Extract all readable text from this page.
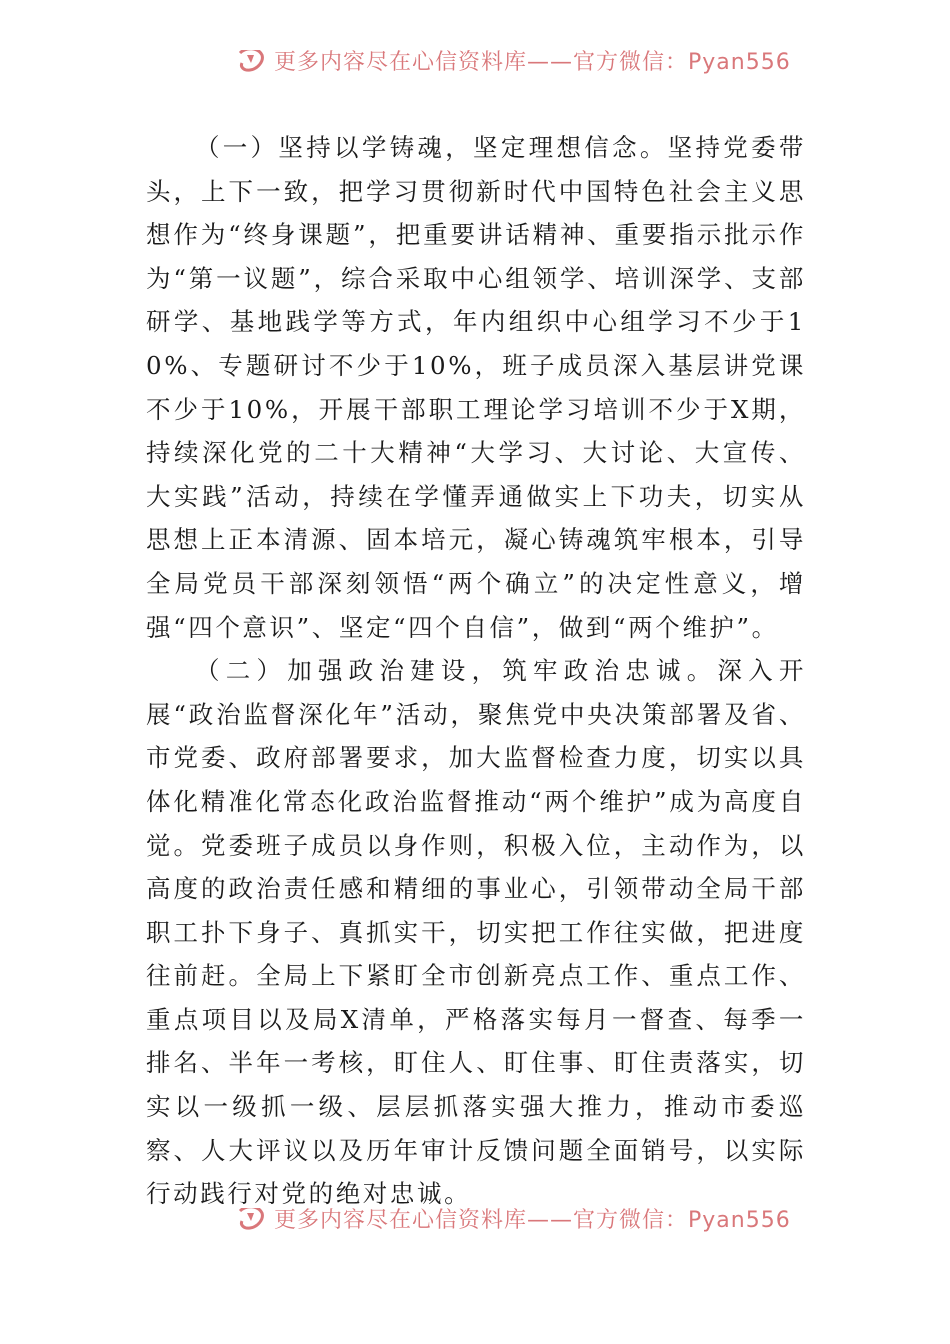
更多内容尽在心信资料库——官方微信：Pyan556

（一）坚持以学铸魂，坚定理想信念。坚持党委带头，上下一致，把学习贯彻新时代中国特色社会主义思想作为“终身课题”，把重要讲话精神、重要指示批示作为“第一议题”，综合采取中心组领学、培训深学、支部研学、基地践学等方式，年内组织中心组学习不少于10%、专题研讨不少于10%，班子成员深入基层讲党课不少于10%，开展干部职工理论学习培训不少于X期，持续深化党的二十大精神“大学习、大讨论、大宣传、大实践”活动，持续在学懂弄通做实上下功夫，切实从思想上正本清源、固本培元，凝心铸魂筑牢根本，引导全局党员干部深刻领悟“两个确立”的决定性意义，增强“四个意识”、坚定“四个自信”，做到“两个维护”。

（二）加强政治建设，筑牢政治忠诚。深入开展“政治监督深化年”活动，聚焦党中央决策部署及省、市党委、政府部署要求，加大监督检查力度，切实以具体化精准化常态化政治监督推动“两个维护”成为高度自觉。党委班子成员以身作则，积极入位，主动作为，以高度的政治责任感和精细的事业心，引领带动全局干部职工扑下身子、真抓实干，切实把工作往实做，把进度往前赶。全局上下紧盯全市创新亮点工作、重点工作、重点项目以及局X清单，严格落实每月一督查、每季一排名、半年一考核，盯住人、盯住事、盯住责落实，切实以一级抓一级、层层抓落实强大推力，推动市委巡察、人大评议以及历年审计反馈问题全面销号，以实际行动践行对党的绝对忠诚。

更多内容尽在心信资料库——官方微信：Pyan556
